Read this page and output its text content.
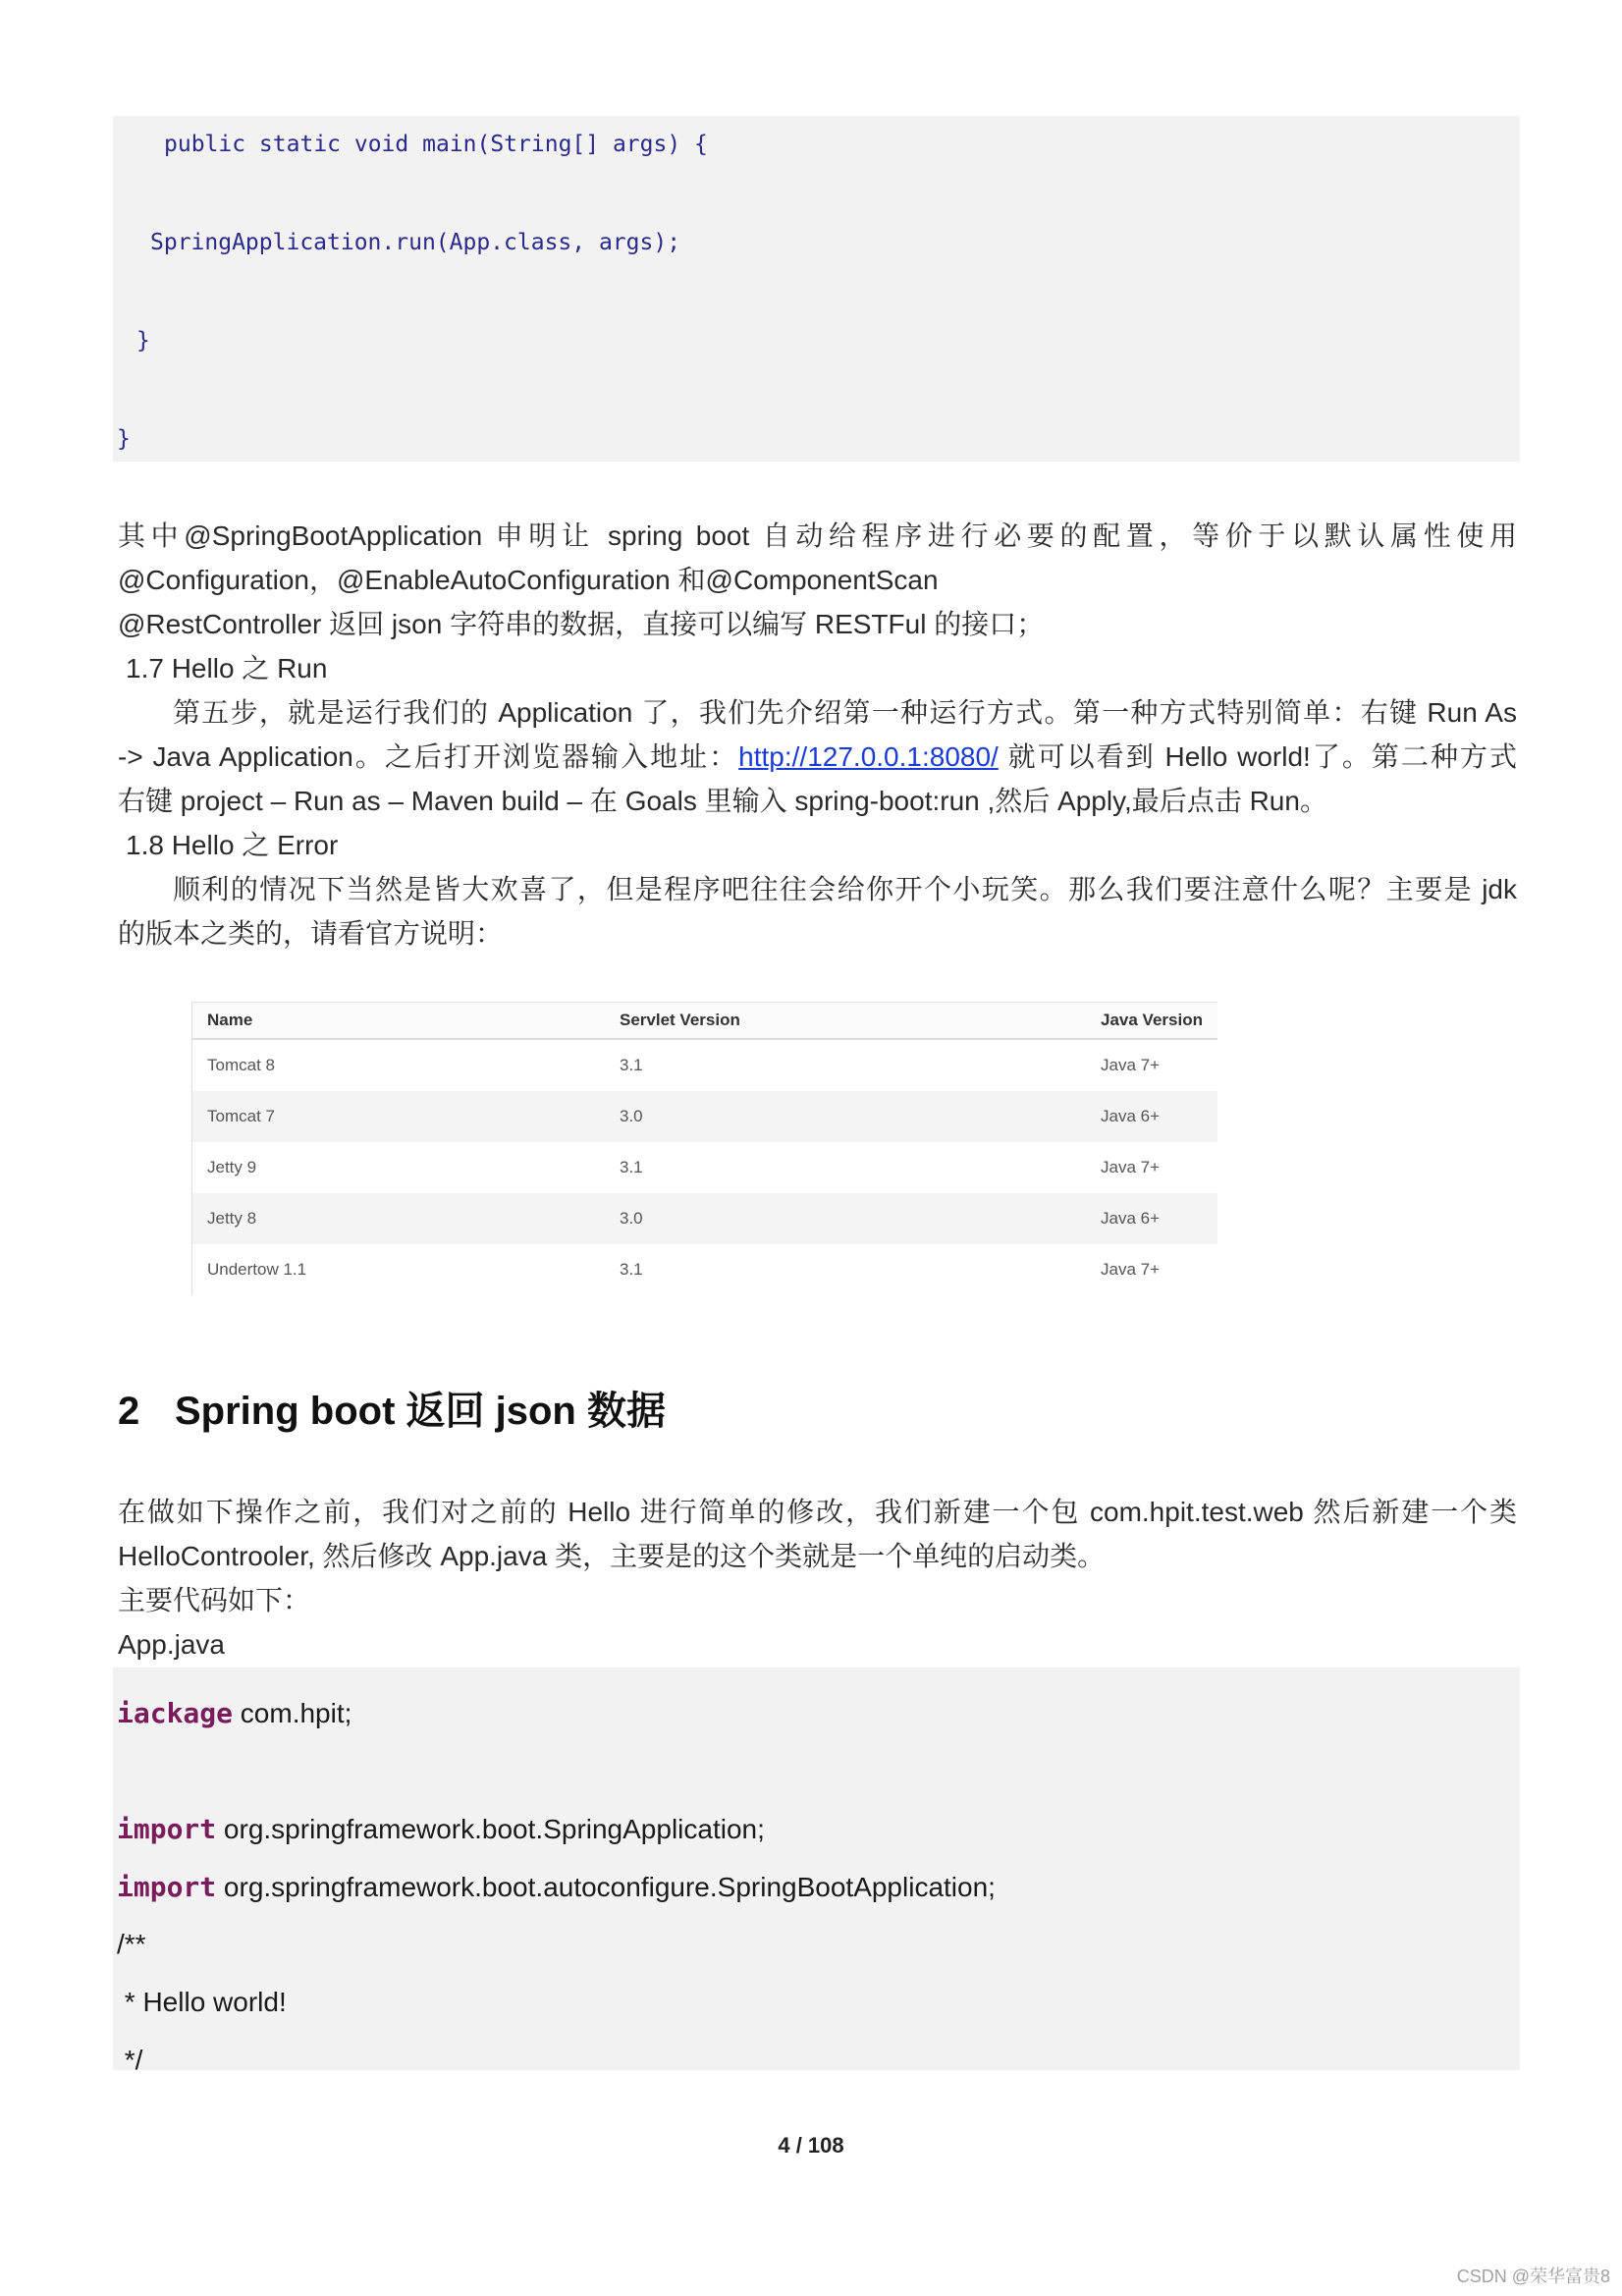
public static void main(String[] args) {
SpringApplication.run(App.class, args);
}
}
其中@SpringBootApplication 申明让 spring boot 自动给程序进行必要的配置，等价于以默认属性使用
@Configuration，@EnableAutoConfiguration 和@ComponentScan
@RestController 返回 json 字符串的数据，直接可以编写 RESTFul 的接口；
1.7 Hello 之 Run
第五步，就是运行我们的 Application 了，我们先介绍第一种运行方式。第一种方式特别简单：右键 Run As
-> Java Application。之后打开浏览器输入地址：http://127.0.0.1:8080/ 就可以看到 Hello world!了。第二种方式
右键 project – Run as – Maven build – 在 Goals 里输入 spring-boot:run ,然后 Apply,最后点击 Run。
1.8 Hello 之 Error
顺利的情况下当然是皆大欢喜了，但是程序吧往往会给你开个小玩笑。那么我们要注意什么呢？主要是 jdk
的版本之类的，请看官方说明：
Name	Servlet Version	Java Version
Tomcat 8	3.1	Java 7+
Tomcat 7	3.0	Java 6+
Jetty 9	3.1	Java 7+
Jetty 8	3.0	Java 6+
Undertow 1.1	3.1	Java 7+
2 Spring boot 返回 json 数据
在做如下操作之前，我们对之前的 Hello 进行简单的修改，我们新建一个包 com.hpit.test.web 然后新建一个类
HelloControoler, 然后修改 App.java 类，主要是的这个类就是一个单纯的启动类。
主要代码如下：
App.java
iackage com.hpit;
import org.springframework.boot.SpringApplication;
import org.springframework.boot.autoconfigure.SpringBootApplication;
/**
* Hello world!
*/
4 / 108
CSDN @荣华富贵8
